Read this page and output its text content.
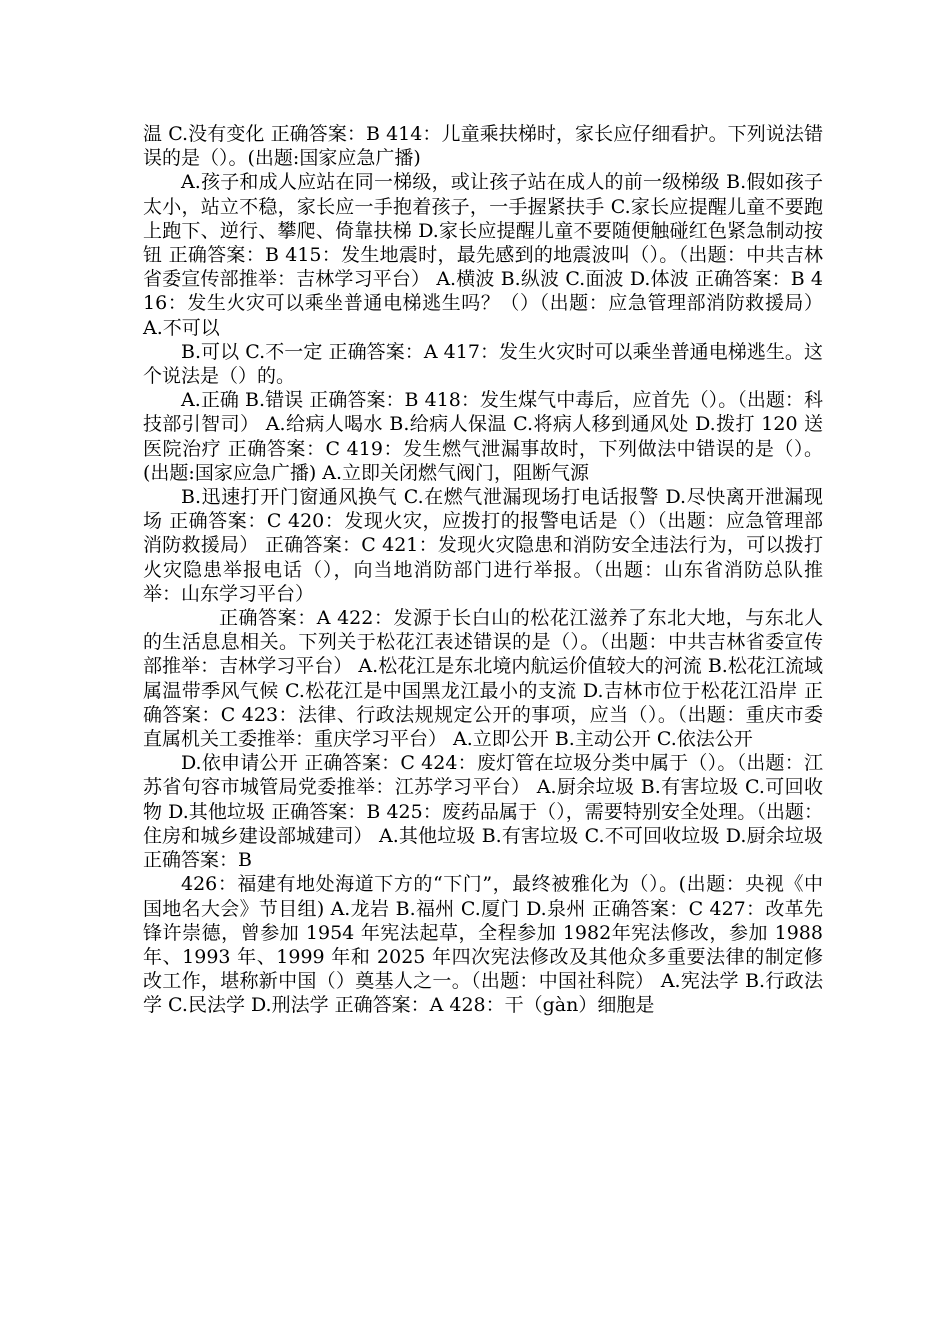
温 C.没有变化 正确答案：B 414：儿童乘扶梯时，家长应仔细看护。下列说法错误的是（）。(出题:国家应急广播)

A.孩子和成人应站在同一梯级，或让孩子站在成人的前一级梯级 B.假如孩子太小，站立不稳，家长应一手抱着孩子，一手握紧扶手 C.家长应提醒儿童不要跑上跑下、逆行、攀爬、倚靠扶梯 D.家长应提醒儿童不要随便触碰红色紧急制动按钮 正确答案：B 415：发生地震时，最先感到的地震波叫（）。（出题：中共吉林省委宣传部推举：吉林学习平台） A.横波 B.纵波 C.面波 D.体波 正确答案：B 416：发生火灾可以乘坐普通电梯逃生吗？（）（出题：应急管理部消防救援局） A.不可以

B.可以 C.不一定 正确答案：A 417：发生火灾时可以乘坐普通电梯逃生。这个说法是（）的。

A.正确 B.错误 正确答案：B 418：发生煤气中毒后，应首先（）。（出题：科技部引智司） A.给病人喝水 B.给病人保温 C.将病人移到通风处 D.拨打 120 送医院治疗 正确答案：C 419：发生燃气泄漏事故时，下列做法中错误的是（）。(出题:国家应急广播) A.立即关闭燃气阀门，阻断气源

B.迅速打开门窗通风换气 C.在燃气泄漏现场打电话报警 D.尽快离开泄漏现场 正确答案：C 420：发现火灾，应拨打的报警电话是（）（出题：应急管理部消防救援局） 正确答案：C 421：发现火灾隐患和消防安全违法行为，可以拨打火灾隐患举报电话（），向当地消防部门进行举报。（出题：山东省消防总队推举：山东学习平台）

正确答案：A 422：发源于长白山的松花江滋养了东北大地，与东北人的生活息息相关。下列关于松花江表述错误的是（）。（出题：中共吉林省委宣传部推举：吉林学习平台） A.松花江是东北境内航运价值较大的河流 B.松花江流域属温带季风气候 C.松花江是中国黑龙江最小的支流 D.吉林市位于松花江沿岸 正确答案：C 423：法律、行政法规规定公开的事项，应当（）。（出题：重庆市委直属机关工委推举：重庆学习平台） A.立即公开 B.主动公开 C.依法公开

D.依申请公开 正确答案：C 424：废灯管在垃圾分类中属于（）。（出题：江苏省句容市城管局党委推举：江苏学习平台） A.厨余垃圾 B.有害垃圾 C.可回收物 D.其他垃圾 正确答案：B 425：废药品属于（），需要特别安全处理。（出题：住房和城乡建设部城建司） A.其他垃圾 B.有害垃圾 C.不可回收垃圾 D.厨余垃圾 正确答案：B

426：福建有地处海道下方的“下门”，最终被雅化为（）。(出题：央视《中国地名大会》节目组) A.龙岩 B.福州 C.厦门 D.泉州 正确答案：C 427：改革先锋许崇德，曾参加 1954 年宪法起草，全程参加 1982年宪法修改，参加 1988 年、1993 年、1999 年和 2025 年四次宪法修改及其他众多重要法律的制定修改工作，堪称新中国（）奠基人之一。（出题：中国社科院） A.宪法学 B.行政法学 C.民法学 D.刑法学 正确答案：A 428：干（gàn）细胞是
